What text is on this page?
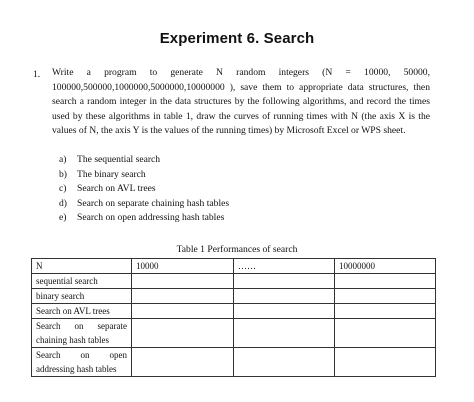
Experiment 6. Search
1. Write a program to generate N random integers (N = 10000, 50000, 100000,500000,1000000,5000000,10000000 ), save them to appropriate data structures, then search a random integer in the data structures by the following algorithms, and record the times used by these algorithms in table 1, draw the curves of running times with N (the axis X is the values of N, the axis Y is the values of the running times) by Microsoft Excel or WPS sheet.
a) The sequential search
b) The binary search
c) Search on AVL trees
d) Search on separate chaining hash tables
e) Search on open addressing hash tables
Table 1 Performances of search
N	10000	……	10000000
sequential search			
binary search			
Search on AVL trees			
Search on separate chaining hash tables			
Search on open addressing hash tables			
